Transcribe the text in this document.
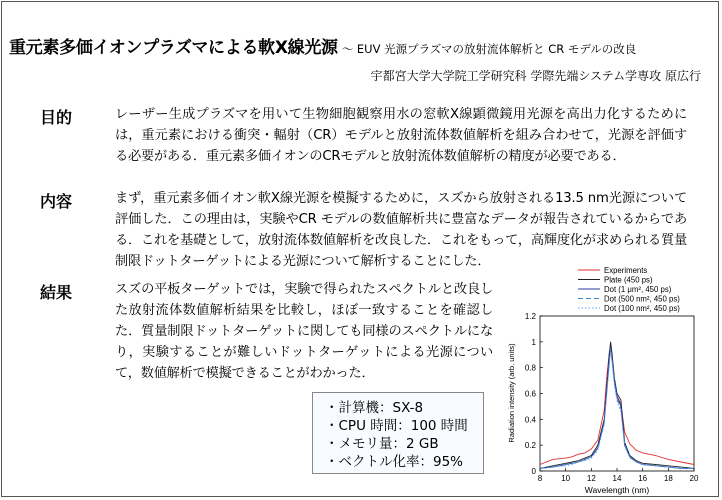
重元素多価イオンプラズマによる軟X線光源 ～ EUV 光源プラズマの放射流体解析と CR モデルの改良
宇都宮大学大学院工学研究科 学際先端システム学専攻 原広行
目的	レーザー生成プラズマを用いて生物細胞観察用水の窓軟X線顕微鏡用光源を高出力化するためには，重元素における衝突・輻射（CR）モデルと放射流体数値解析を組み合わせて，光源を評価する必要がある．重元素多価イオンのCRモデルと放射流体数値解析の精度が必要である．
内容	まず，重元素多価イオン軟X線光源を模擬するために，スズから放射される13.5 nm光源について評価した．この理由は，実験やCR モデルの数値解析共に豊富なデータが報告されているからである．これを基礎として，放射流体数値解析を改良した．これをもって，高輝度化が求められる質量制限ドットターゲットによる光源について解析することにした．
結果	スズの平板ターゲットでは，実験で得られたスペクトルと改良した放射流体数値解析結果を比較し，ほぼ一致することを確認した．質量制限ドットターゲットに関しても同様のスペクトルになり，実験することが難しいドットターゲットによる光源について，数値解析で模擬できることがわかった．
・計算機：SX-8
・CPU 時間：100 時間
・メモリ量：2 GB
・ベクトル化率：95%
8 10 12 14 16 18 20
0
0.2
0.4
0.6
0.8
1
1.2
Wavelength (nm)
Radiation intensity (arb. units)
Experiments
Plate (450 ps)
Dot (1 μm², 450 ps)
Dot (500 nm², 450 ps)
Dot (100 nm², 450 ps)
